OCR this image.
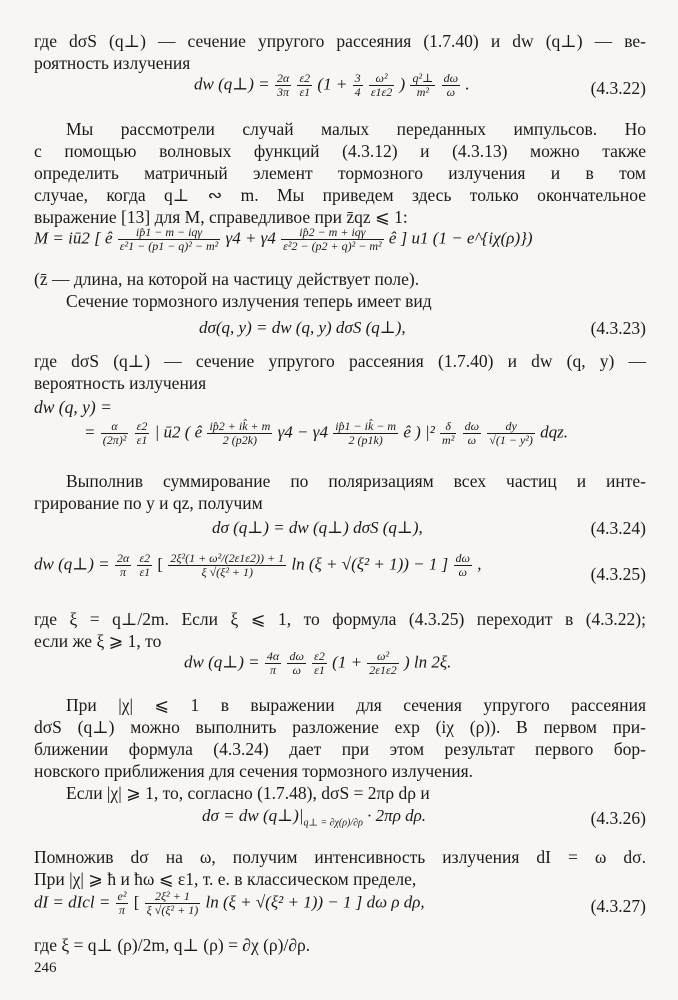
где dσS (q⊥) — сечение упругого рассеяния (1.7.40) и dw (q⊥) — ве-
роятность излучения
dw (q⊥) = $\frac{2\alpha}{3\pi}$
$\frac{\varepsilon 2}{\varepsilon 1} (1 + \frac{3}{4}$
$\frac{\text{ω²}}{\varepsilon 1\varepsilon 2}$ ) $\frac{\text{q²⊥}}{\text{m²}}$
$\frac{d\omega}{\omega}$ .	(4.3.22)
Мы рассмотрели случай малых переданных импульсов. Но
с помощью волновых функций (4.3.12) и (4.3.13) можно также
определить матричный элемент тормозного излучения и в том
случае, когда q⊥ ∾ m. Мы приведем здесь только окончательное
выражение [13] для M, справедливое при z̄qz ⩽ 1:
M = iū2 [ ê $\frac{\text{ip̂1 − m − iqγ}}{\text{ε²1 − (p1 − q)² − m²}} \gamma 4 + \gamma 4 \frac{\text{ip̂2 − m + iqγ}}{\text{ε²2 − (p2 + q)² − m²}}$ ê ] u1 (1 − e^{iχ(ρ)})
(z̄ — длина, на которой на частицу действует поле).
Сечение тормозного излучения теперь имеет вид
dσ(q, y) = dw (q, y) dσS (q⊥),	(4.3.23)
где dσS (q⊥) — сечение упругого рассеяния (1.7.40) и dw (q, y) —
вероятность излучения
dw (q, y) =
= $\frac{\alpha}{\text{(2π)²}}$
$\frac{\varepsilon 2}{\varepsilon 1}$ | ū2 ( ê $\frac{ip̂2 + ik̂ + m}{2 (p2k)} \gamma 4 - \gamma 4 \frac{ip̂1 - ik̂ - m}{2 (p1k)}$ ê ) $|^2 \frac{\delta}{\text{m²}}$
$\frac{d\omega}{\omega}$
$\frac{dy}{\text{√(1 − y²)}}$ dqz.
Выполнив суммирование по поляризациям всех частиц и инте-
грирование по y и qz, получим
dσ (q⊥) = dw (q⊥) dσS (q⊥),	(4.3.24)
dw (q⊥) = $\frac{2\alpha}{\pi}$
$\frac{\varepsilon 2}{\varepsilon 1}$ [ $\frac{\text{2ξ²(1 + ω²/(2ε1ε2)) + 1}}{\text{ξ √(ξ² + 1)}}$ ln (ξ + √(ξ² + 1)) − 1 ] $\frac{d\omega}{\omega}$ ,
(4.3.25)
где ξ = q⊥/2m. Если ξ ⩽ 1, то формула (4.3.25) переходит в (4.3.22);
если же ξ ⩾ 1, то
dw (q⊥) = $\frac{4\alpha}{\pi}$
$\frac{d\omega}{\omega}$
$\frac{\varepsilon 2}{\varepsilon 1} (1 + \frac{\text{ω²}}{2\varepsilon 1\varepsilon 2}$ ) ln 2ξ.
При |χ| ⩽ 1 в выражении для сечения упругого рассеяния
dσS (q⊥) можно выполнить разложение exp (iχ (ρ)). В первом при-
ближении формула (4.3.24) дает при этом результат первого бор-
новского приближения для сечения тормозного излучения.
Если |χ| ⩾ 1, то, согласно (1.7.48), dσS = 2πρ dρ и
dσ = dw $(q\perp)|_{q\perp = \partial\chi(\rho)/\partial\rho} \cdot 2\pi\rho$ dρ.	(4.3.26)
Помножив dσ на ω, получим интенсивность излучения dI = ω dσ.
При |χ| ⩾ ħ и ħω ⩽ ε1, т. е. в классическом пределе,
dI = dIcl = $\frac{\text{e²}}{\pi}$ [ $\frac{\text{2ξ² + 1}}{\text{ξ √(ξ² + 1)}}$ ln (ξ + √(ξ² + 1)) − 1 ] dω ρ dρ,	(4.3.27)
где ξ = q⊥ (ρ)/2m, q⊥ (ρ) = ∂χ (ρ)/∂ρ.
246
